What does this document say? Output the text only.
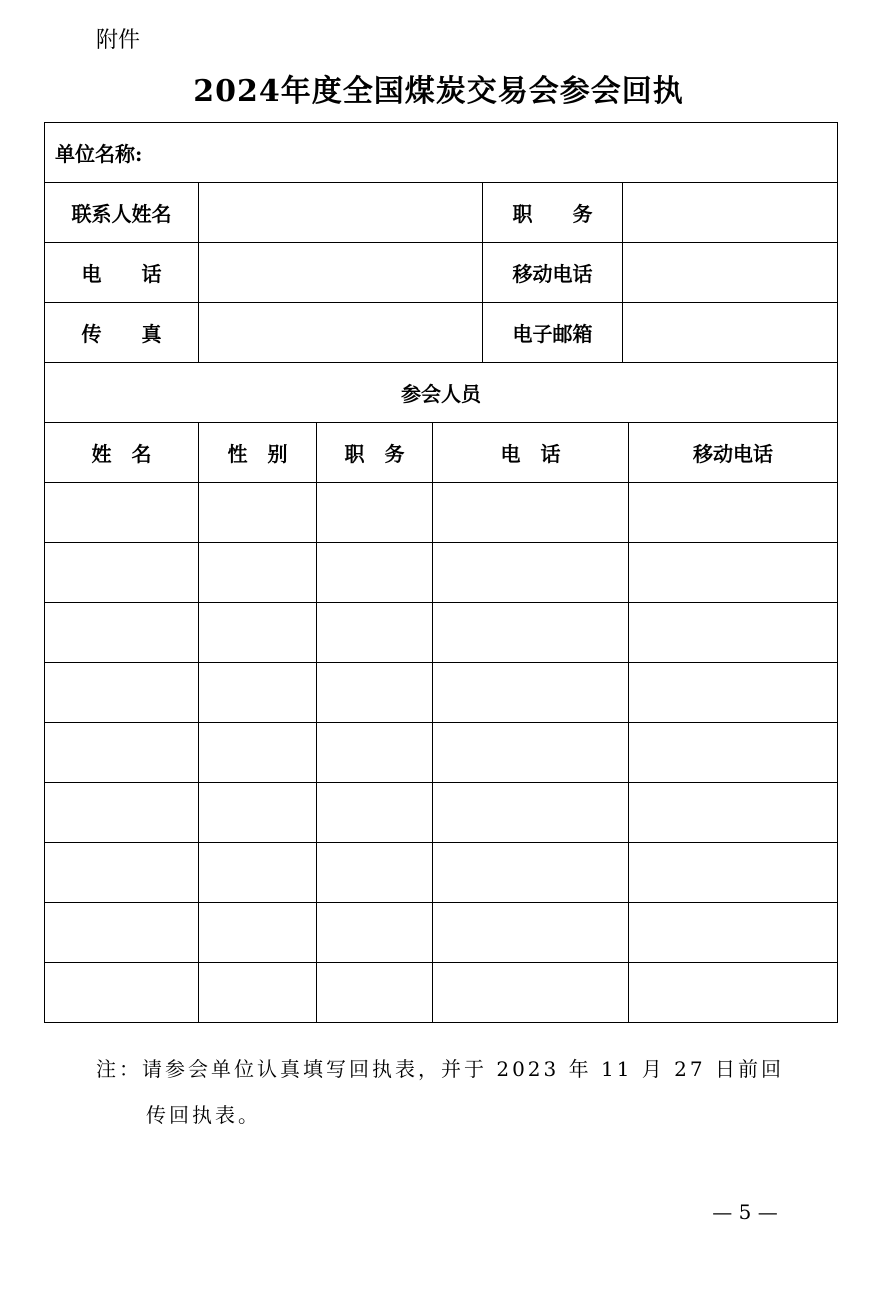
附件
2024年度全国煤炭交易会参会回执
单位名称:						
联系人姓名				职　　务		
电　　话				移动电话		
传　　真				电子邮箱		
参会人员						
姓　名	性　别	职　务	电　话			移动电话

注：请参会单位认真填写回执表，并于 2023 年 11 月 27 日前回
传回执表。
— 5 —
